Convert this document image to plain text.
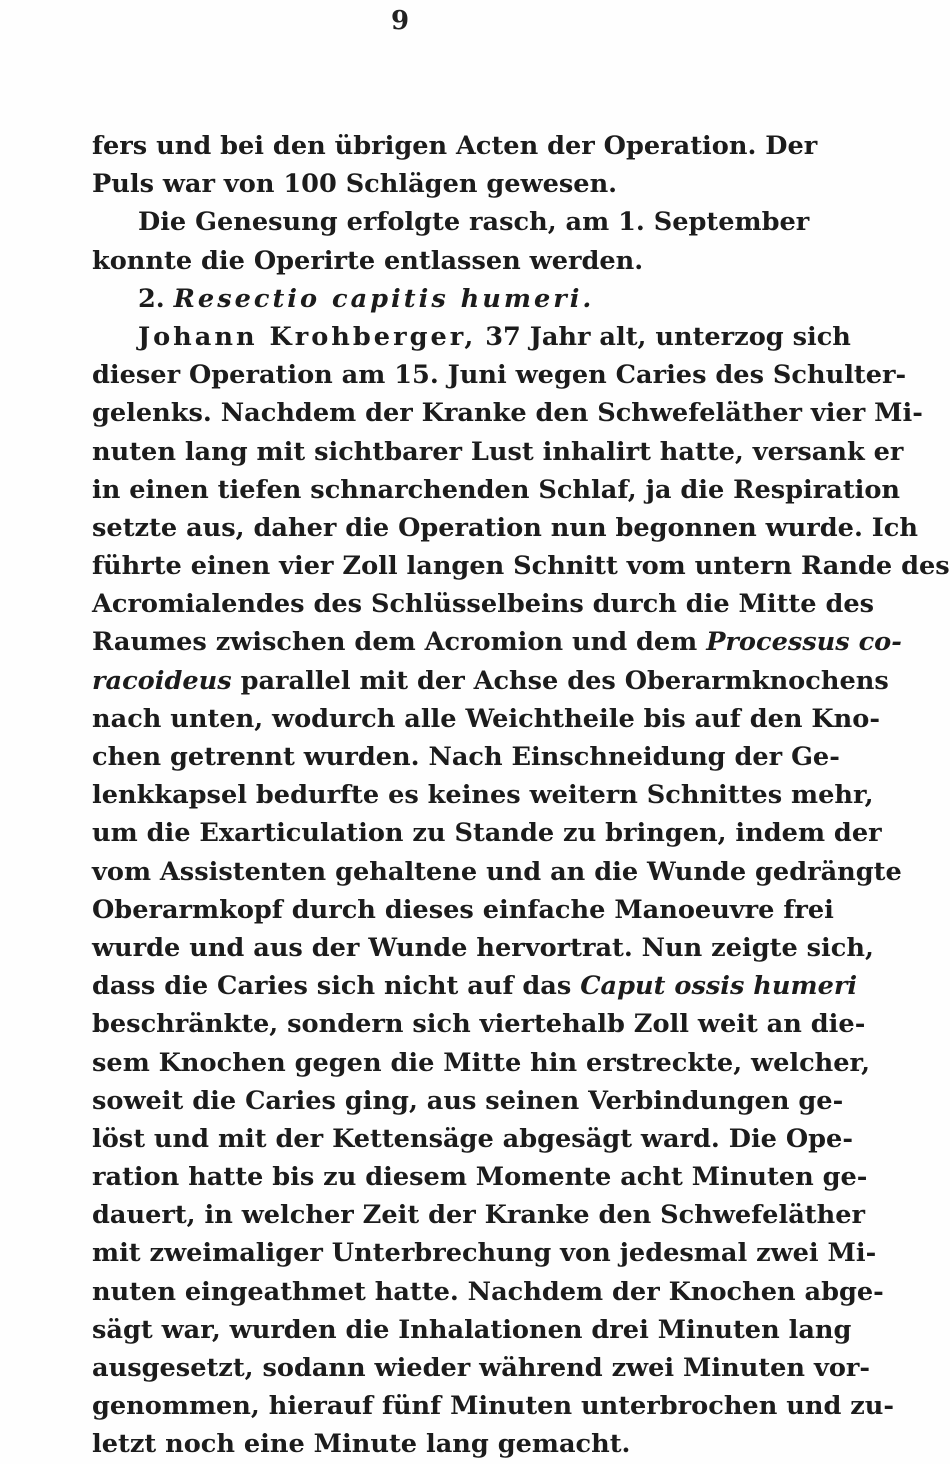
9
fers und bei den übrigen Acten der Operation. Der
Puls war von 100 Schlägen gewesen.
Die Genesung erfolgte rasch, am 1. September
konnte die Operirte entlassen werden.
2. Resectio capitis humeri.
Johann Krohberger, 37 Jahr alt, unterzog sich
dieser Operation am 15. Juni wegen Caries des Schulter-
gelenks. Nachdem der Kranke den Schwefeläther vier Mi-
nuten lang mit sichtbarer Lust inhalirt hatte, versank er
in einen tiefen schnarchenden Schlaf, ja die Respiration
setzte aus, daher die Operation nun begonnen wurde. Ich
führte einen vier Zoll langen Schnitt vom untern Rande des
Acromialendes des Schlüsselbeins durch die Mitte des
Raumes zwischen dem Acromion und dem Processus co-
racoideus parallel mit der Achse des Oberarmknochens
nach unten, wodurch alle Weichtheile bis auf den Kno-
chen getrennt wurden. Nach Einschneidung der Ge-
lenkkapsel bedurfte es keines weitern Schnittes mehr,
um die Exarticulation zu Stande zu bringen, indem der
vom Assistenten gehaltene und an die Wunde gedrängte
Oberarmkopf durch dieses einfache Manoeuvre frei
wurde und aus der Wunde hervortrat. Nun zeigte sich,
dass die Caries sich nicht auf das Caput ossis humeri
beschränkte, sondern sich viertehalb Zoll weit an die-
sem Knochen gegen die Mitte hin erstreckte, welcher,
soweit die Caries ging, aus seinen Verbindungen ge-
löst und mit der Kettensäge abgesägt ward. Die Ope-
ration hatte bis zu diesem Momente acht Minuten ge-
dauert, in welcher Zeit der Kranke den Schwefeläther
mit zweimaliger Unterbrechung von jedesmal zwei Mi-
nuten eingeathmet hatte. Nachdem der Knochen abge-
sägt war, wurden die Inhalationen drei Minuten lang
ausgesetzt, sodann wieder während zwei Minuten vor-
genommen, hierauf fünf Minuten unterbrochen und zu-
letzt noch eine Minute lang gemacht.
